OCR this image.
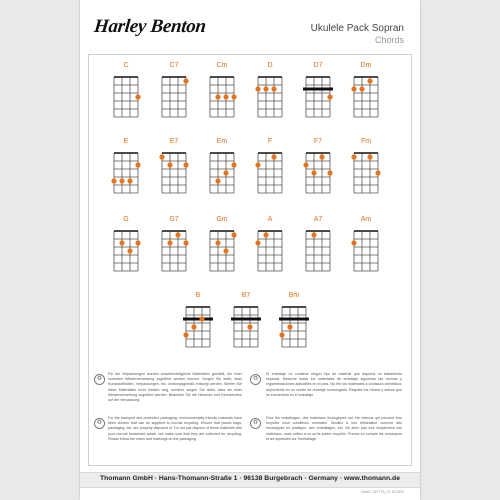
Harley Benton	Ukulele Pack Sopran
Chords
C	C7	Cm	D	D7	Dm
E	E7	Em	F	F7	Fm
G	G7	Gm	A	A7	Am
B	B7	Bm
♻
Für die Verpackungen wurden umweltverträgliche Materialien gewählt, die einer normalen Wiederverwertung zugeführt werden können. Sorgen Sie dafür, dass Kunststoffhüllen, Verpackungen, etc. ordnungsgemäß entsorgt werden. Werfen Sie diese Materialien nicht einfach weg, sondern sorgen Sie dafür, dass sie einer Wiederverwertung zugeführt werden. Beachten Sie die Hinweise und Kennzeichen auf der Verpackung.
♻
El embalaje no contiene ningún tipo de material que requiera un tratamiento especial. Deseche todos los materiales de embalaje siguiendo las normas y reglamentaciones aplicables en el país. No tire los materiales a la basura doméstica, deposítelos en un centro de reciclaje homologado. Respete los rótulos y avisos que se encuentran en el embalaje.
♻
For the transport and protective packaging, environmentally friendly materials have been chosen that can be supplied to normal recycling. Ensure that plastic bags, packaging, etc. are properly disposed of. Do not just dispose of these materials with your normal household waste, but make sure that they are collected for recycling. Please follow the notes and markings on the packaging.
♻
Pour les emballages, des matériaux écologiques ont été retenus qui peuvent être recyclés sous conditions normales. Veuillez à une élimination correcte des enveloppes en plastique, des emballages, etc. Ne jetez pas tout simplement ces matériaux, mais veillez à ce qu'ils soient recyclés. Prenez en compte les remarques et les symboles sur l'emballage.
Thomann GmbH · Hans-Thomann-Straße 1 · 96138 Burgebrach · Germany · www.thomann.de
DocID: 427775_27.10.2021
